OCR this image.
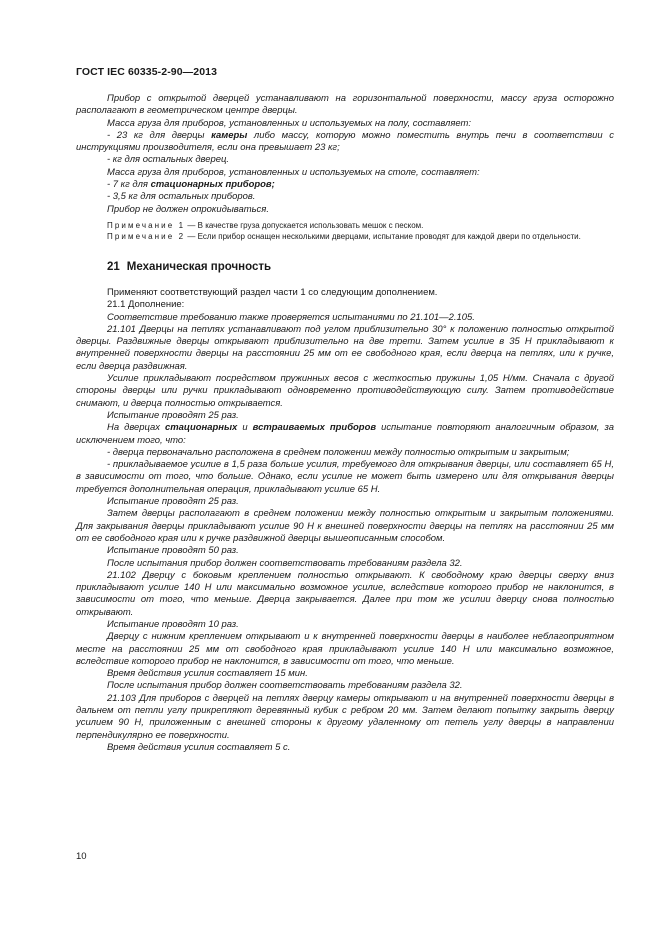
ГОСТ IEC 60335-2-90—2013

Прибор с открытой дверцей устанавливают на горизонтальной поверхности, массу груза осторожно располагают в геометрическом центре дверцы.

Масса груза для приборов, установленных и используемых на полу, составляет:

- 23 кг для дверцы камеры либо массу, которую можно поместить внутрь печи в соответствии с инструкциями производителя, если она превышает 23 кг;

- кг для остальных дверец.

Масса груза для приборов, установленных и используемых на столе, составляет:

- 7 кг для стационарных приборов;

- 3,5 кг для остальных приборов.

Прибор не должен опрокидываться.

Примечание 1 — В качестве груза допускается использовать мешок с песком.

Примечание 2 — Если прибор оснащен несколькими дверцами, испытание проводят для каждой двери по отдельности.

21 Механическая прочность

Применяют соответствующий раздел части 1 со следующим дополнением.

21.1 Дополнение:

Соответствие требованию также проверяется испытаниями по 21.101—2.105.

21.101 Дверцы на петлях устанавливают под углом приблизительно 30° к положению полностью открытой дверцы. Раздвижные дверцы открывают приблизительно на две трети. Затем усилие в 35 Н прикладывают к внутренней поверхности дверцы на расстоянии 25 мм от ее свободного края, если дверца на петлях, или к ручке, если дверца раздвижная.

Усилие прикладывают посредством пружинных весов с жесткостью пружины 1,05 Н/мм. Сначала с другой стороны дверцы или ручки прикладывают одновременно противодействующую силу. Затем противодействие снимают, и дверца полностью открывается.

Испытание проводят 25 раз.

На дверцах стационарных и встраиваемых приборов испытание повторяют аналогичным образом, за исключением того, что:

- дверца первоначально расположена в среднем положении между полностью открытым и закрытым;

- прикладываемое усилие в 1,5 раза больше усилия, требуемого для открывания дверцы, или составляет 65 Н, в зависимости от того, что больше. Однако, если усилие не может быть измерено или для открывания дверцы требуется дополнительная операция, прикладывают усилие 65 Н.

Испытание проводят 25 раз.

Затем дверцы располагают в среднем положении между полностью открытым и закрытым положениями. Для закрывания дверцы прикладывают усилие 90 Н к внешней поверхности дверцы на петлях на расстоянии 25 мм от ее свободного края или к ручке раздвижной дверцы вышеописанным способом.

Испытание проводят 50 раз.

После испытания прибор должен соответствовать требованиям раздела 32.

21.102 Дверцу с боковым креплением полностью открывают. К свободному краю дверцы сверху вниз прикладывают усилие 140 Н или максимально возможное усилие, вследствие которого прибор не наклонится, в зависимости от того, что меньше. Дверца закрывается. Далее при том же усилии дверцу снова полностью открывают.

Испытание проводят 10 раз.

Дверцу с нижним креплением открывают и к внутренней поверхности дверцы в наиболее неблагоприятном месте на расстоянии 25 мм от свободного края прикладывают усилие 140 Н или максимально возможное, вследствие которого прибор не наклонится, в зависимости от того, что меньше.

Время действия усилия составляет 15 мин.

После испытания прибор должен соответствовать требованиям раздела 32.

21.103 Для приборов с дверцей на петлях дверцу камеры открывают и на внутренней поверхности дверцы в дальнем от петли углу прикрепляют деревянный кубик с ребром 20 мм. Затем делают попытку закрыть дверцу усилием 90 Н, приложенным с внешней стороны к другому удаленному от петель углу дверцы в направлении перпендикулярно ее поверхности.

Время действия усилия составляет 5 с.

10
